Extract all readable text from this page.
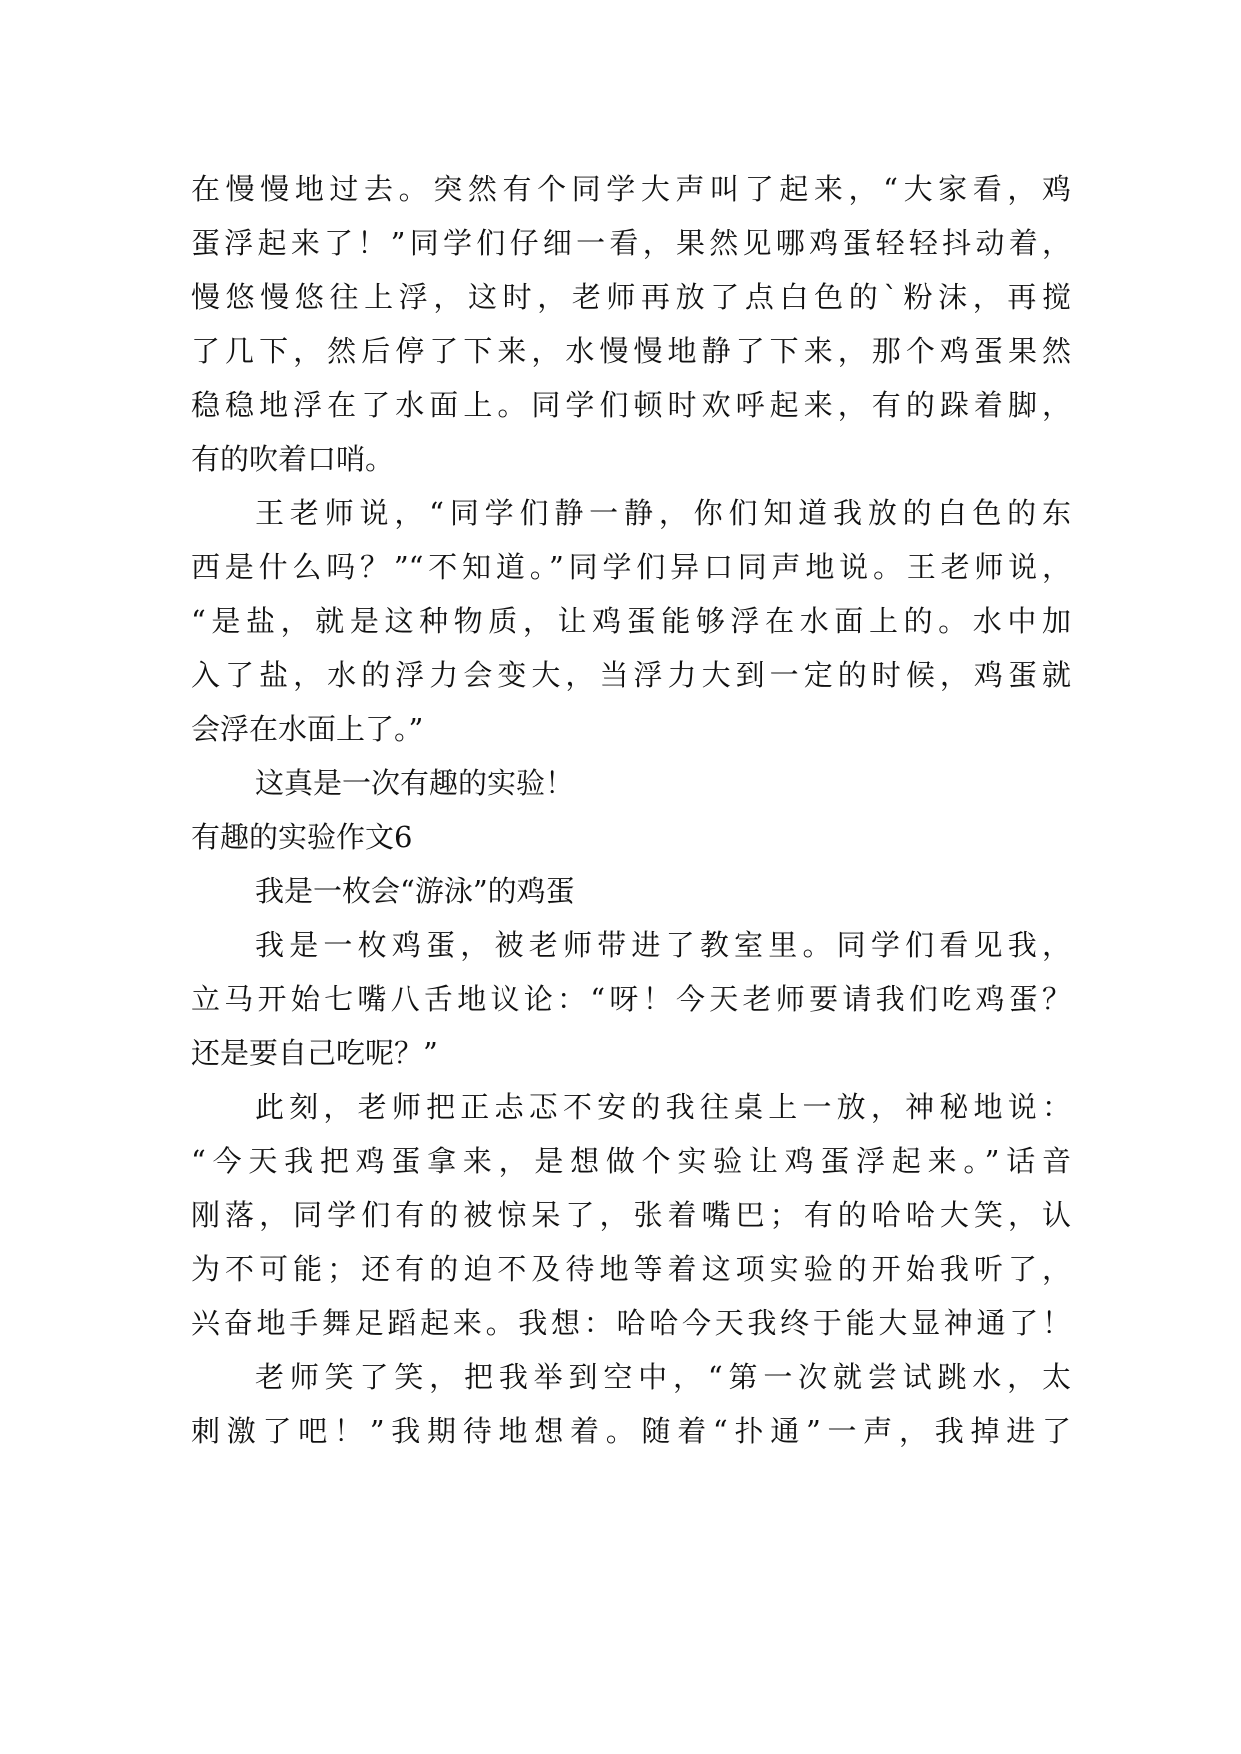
在慢慢地过去。突然有个同学大声叫了起来，“大家看，鸡
蛋浮起来了！”同学们仔细一看，果然见哪鸡蛋轻轻抖动着，
慢悠慢悠往上浮，这时，老师再放了点白色的`粉沫，再搅
了几下，然后停了下来，水慢慢地静了下来，那个鸡蛋果然
稳稳地浮在了水面上。同学们顿时欢呼起来，有的跺着脚，
有的吹着口哨。
王老师说，“同学们静一静，你们知道我放的白色的东
西是什么吗？”“不知道。”同学们异口同声地说。王老师说，
“是盐，就是这种物质，让鸡蛋能够浮在水面上的。水中加
入了盐，水的浮力会变大，当浮力大到一定的时候，鸡蛋就
会浮在水面上了。”
这真是一次有趣的实验！
有趣的实验作文6
我是一枚会“游泳”的鸡蛋
我是一枚鸡蛋，被老师带进了教室里。同学们看见我，
立马开始七嘴八舌地议论：“呀！今天老师要请我们吃鸡蛋？
还是要自己吃呢？”
此刻，老师把正忐忑不安的我往桌上一放，神秘地说：
“今天我把鸡蛋拿来，是想做个实验让鸡蛋浮起来。”话音
刚落，同学们有的被惊呆了，张着嘴巴；有的哈哈大笑，认
为不可能；还有的迫不及待地等着这项实验的开始我听了，
兴奋地手舞足蹈起来。我想：哈哈今天我终于能大显神通了！
老师笑了笑，把我举到空中，“第一次就尝试跳水，太
刺激了吧！”我期待地想着。随着“扑通”一声，我掉进了
